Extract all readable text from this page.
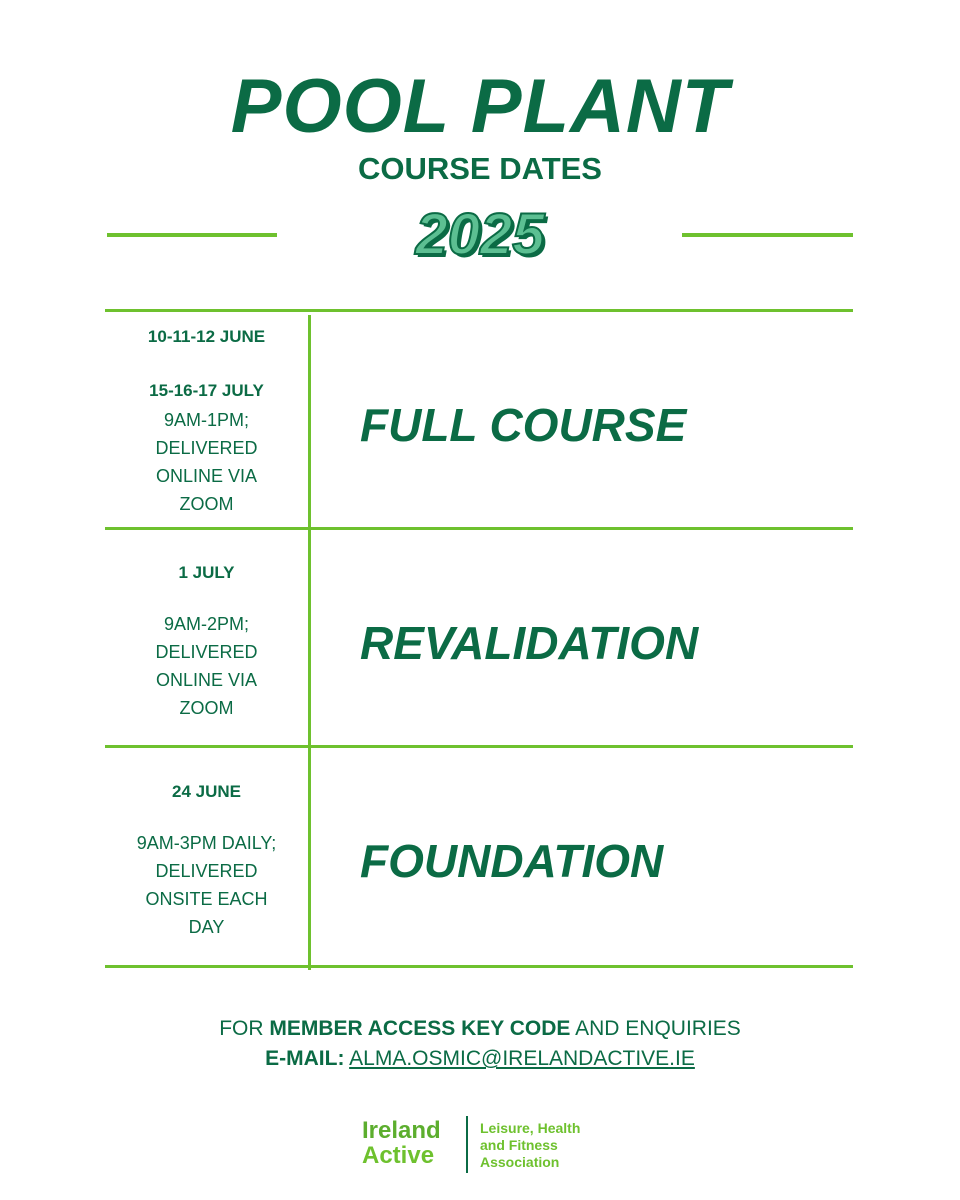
POOL PLANT
COURSE DATES
2025
10-11-12 JUNE
15-16-17 JULY
9AM-1PM; DELIVERED ONLINE VIA ZOOM
FULL COURSE
1 JULY
9AM-2PM; DELIVERED ONLINE VIA ZOOM
REVALIDATION
24 JUNE
9AM-3PM DAILY; DELIVERED ONSITE EACH DAY
FOUNDATION
FOR MEMBER ACCESS KEY CODE AND ENQUIRIES
E-MAIL: ALMA.OSMIC@IRELANDACTIVE.IE
Ireland
Active
Leisure, Health
and Fitness
Association
